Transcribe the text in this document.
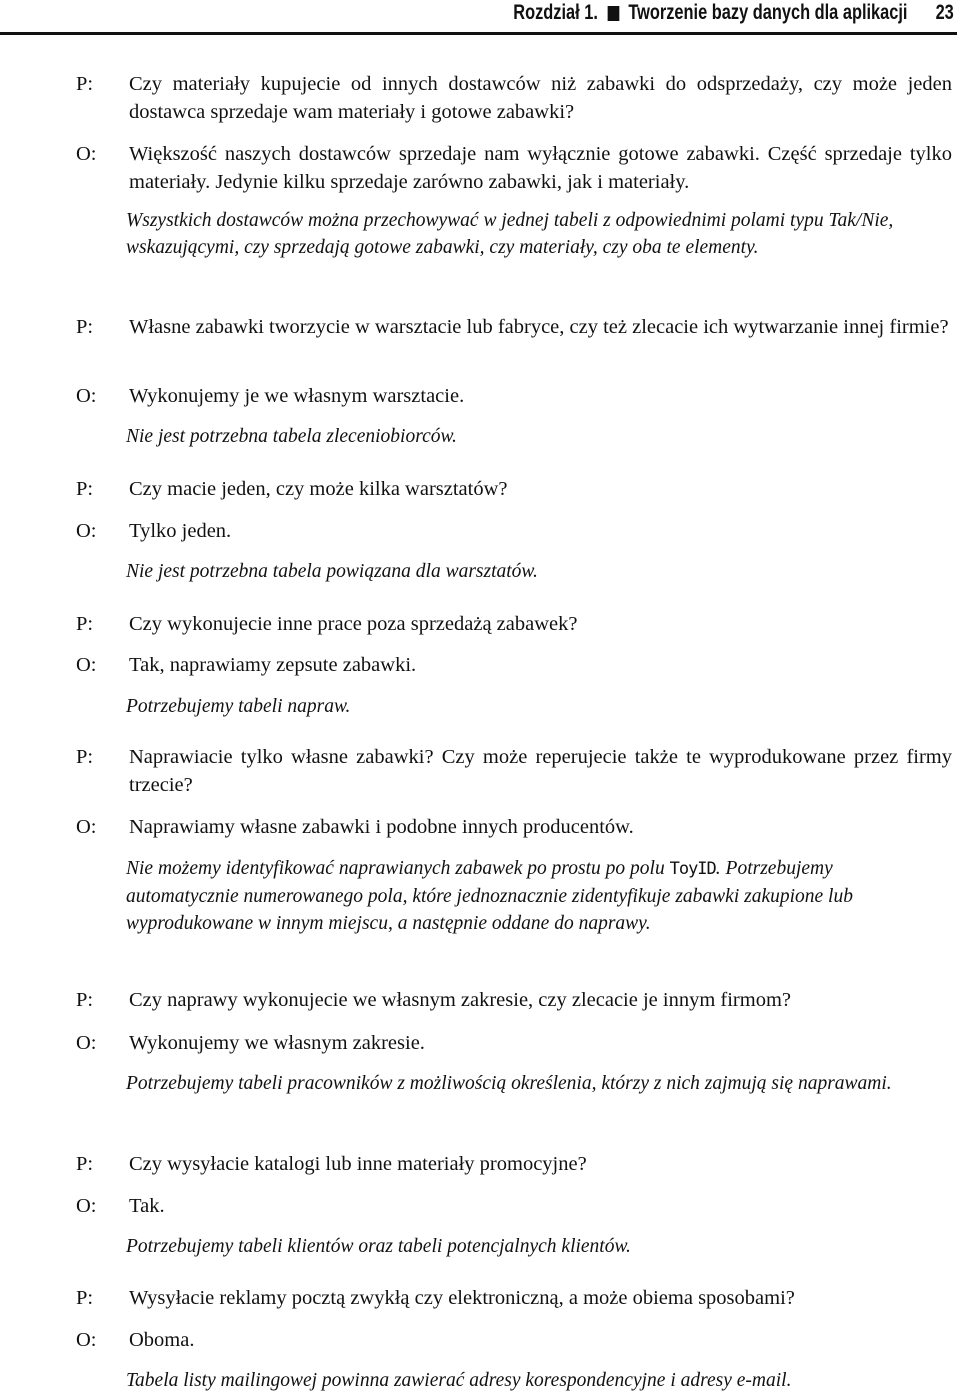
Rozdział 1. Tworzenie bazy danych dla aplikacji 23
P:	Czy materiały kupujecie od innych dostawców niż zabawki do odsprzedaży, czy może jeden dostawca sprzedaje wam materiały i gotowe zabawki?
O:	Większość naszych dostawców sprzedaje nam wyłącznie gotowe zabawki. Część sprzedaje tylko materiały. Jedynie kilku sprzedaje zarówno zabawki, jak i materiały.
Wszystkich dostawców można przechowywać w jednej tabeli z odpowiednimi polami typu Tak/Nie, wskazującymi, czy sprzedają gotowe zabawki, czy materiały, czy oba te elementy.
P:	Własne zabawki tworzycie w warsztacie lub fabryce, czy też zlecacie ich wytwarzanie innej firmie?
O:	Wykonujemy je we własnym warsztacie.
Nie jest potrzebna tabela zleceniobiorców.
P:	Czy macie jeden, czy może kilka warsztatów?
O:	Tylko jeden.
Nie jest potrzebna tabela powiązana dla warsztatów.
P:	Czy wykonujecie inne prace poza sprzedażą zabawek?
O:	Tak, naprawiamy zepsute zabawki.
Potrzebujemy tabeli napraw.
P:	Naprawiacie tylko własne zabawki? Czy może reperujecie także te wyprodukowane przez firmy trzecie?
O:	Naprawiamy własne zabawki i podobne innych producentów.
Nie możemy identyfikować naprawianych zabawek po prostu po polu ToyID. Potrzebujemy automatycznie numerowanego pola, które jednoznacznie zidentyfikuje zabawki zakupione lub wyprodukowane w innym miejscu, a następnie oddane do naprawy.
P:	Czy naprawy wykonujecie we własnym zakresie, czy zlecacie je innym firmom?
O:	Wykonujemy we własnym zakresie.
Potrzebujemy tabeli pracowników z możliwością określenia, którzy z nich zajmują się naprawami.
P:	Czy wysyłacie katalogi lub inne materiały promocyjne?
O:	Tak.
Potrzebujemy tabeli klientów oraz tabeli potencjalnych klientów.
P:	Wysyłacie reklamy pocztą zwykłą czy elektroniczną, a może obiema sposobami?
O:	Oboma.
Tabela listy mailingowej powinna zawierać adresy korespondencyjne i adresy e-mail.
